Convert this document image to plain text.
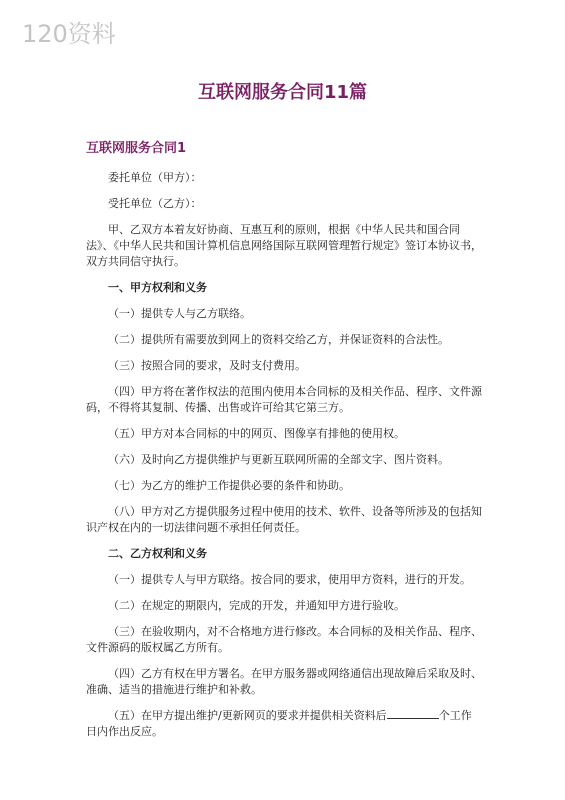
120资料
互联网服务合同11篇
互联网服务合同1

委托单位（甲方）：

受托单位（乙方）：

甲、乙双方本着友好协商、互惠互利的原则，根据《中华人民共和国合同法》、《中华人民共和国计算机信息网络国际互联网管理暂行规定》签订本协议书，双方共同信守执行。

一、甲方权利和义务

（一）提供专人与乙方联络。

（二）提供所有需要放到网上的资料交给乙方，并保证资料的合法性。

（三）按照合同的要求，及时支付费用。

（四）甲方将在著作权法的范围内使用本合同标的及相关作品、程序、文件源码，不得将其复制、传播、出售或许可给其它第三方。

（五）甲方对本合同标的中的网页、图像享有排他的使用权。

（六）及时向乙方提供维护与更新互联网所需的全部文字、图片资料。

（七）为乙方的维护工作提供必要的条件和协助。

（八）甲方对乙方提供服务过程中使用的技术、软件、设备等所涉及的包括知识产权在内的一切法律问题不承担任何责任。

二、乙方权利和义务

（一）提供专人与甲方联络。按合同的要求，使用甲方资料，进行的开发。

（二）在规定的期限内，完成的开发，并通知甲方进行验收。

（三）在验收期内，对不合格地方进行修改。本合同标的及相关作品、程序、文件源码的版权属乙方所有。

（四）乙方有权在甲方署名。在甲方服务器或网络通信出现故障后采取及时、准确、适当的措施进行维护和补救。

（五）在甲方提出维护/更新网页的要求并提供相关资料后	个工作日内作出反应。
